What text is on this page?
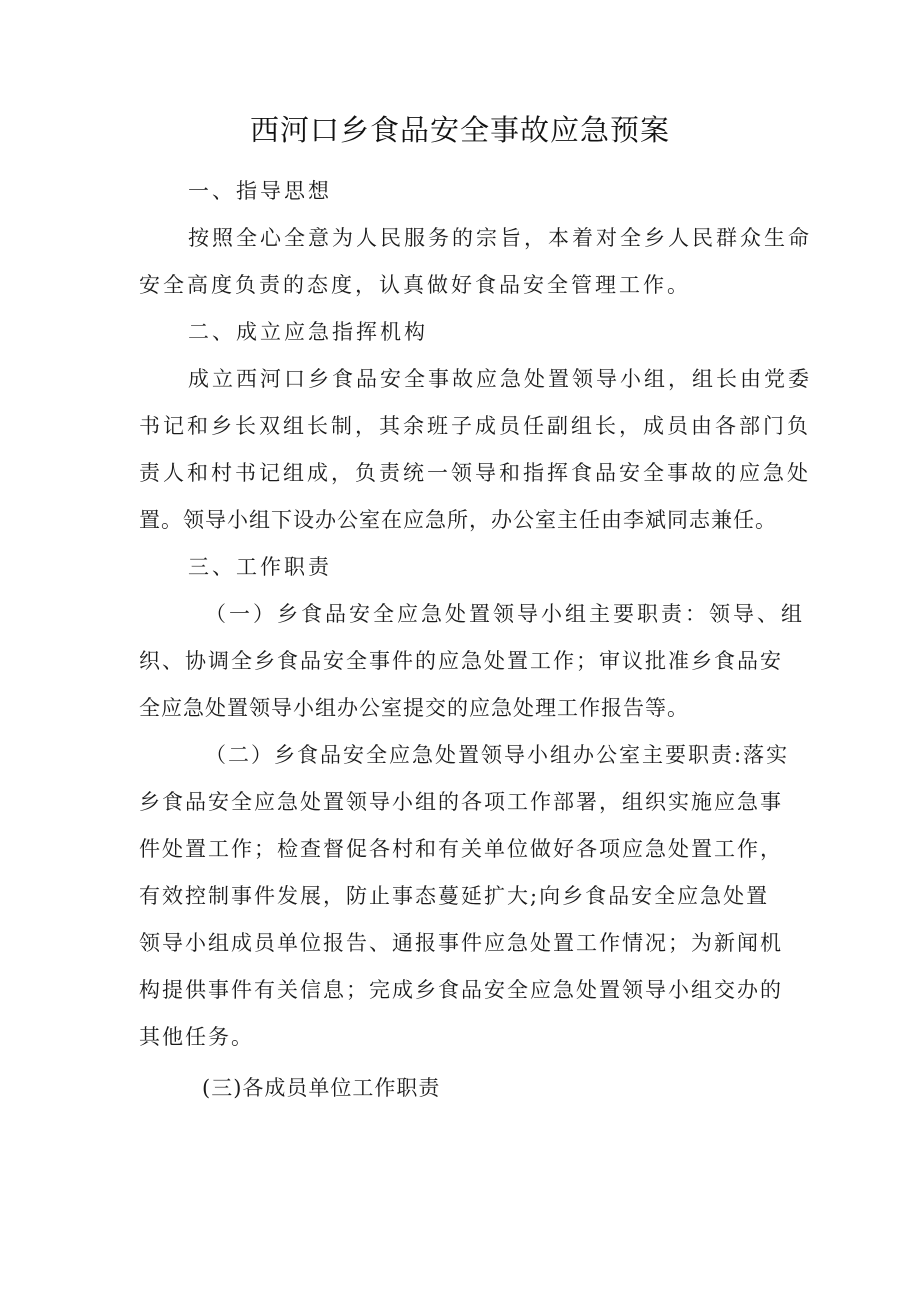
西河口乡食品安全事故应急预案
一、指导思想
按照全心全意为人民服务的宗旨，本着对全乡人民群众生命
安全高度负责的态度，认真做好食品安全管理工作。
二、成立应急指挥机构
成立西河口乡食品安全事故应急处置领导小组，组长由党委
书记和乡长双组长制，其余班子成员任副组长，成员由各部门负
责人和村书记组成，负责统一领导和指挥食品安全事故的应急处
置。领导小组下设办公室在应急所，办公室主任由李斌同志兼任。
三、工作职责
（一）乡食品安全应急处置领导小组主要职责：领导、组
织、协调全乡食品安全事件的应急处置工作；审议批准乡食品安
全应急处置领导小组办公室提交的应急处理工作报告等。
（二）乡食品安全应急处置领导小组办公室主要职责:落实
乡食品安全应急处置领导小组的各项工作部署，组织实施应急事
件处置工作；检查督促各村和有关单位做好各项应急处置工作，
有效控制事件发展，防止事态蔓延扩大;向乡食品安全应急处置
领导小组成员单位报告、通报事件应急处置工作情况；为新闻机
构提供事件有关信息；完成乡食品安全应急处置领导小组交办的
其他任务。
(三)各成员单位工作职责
